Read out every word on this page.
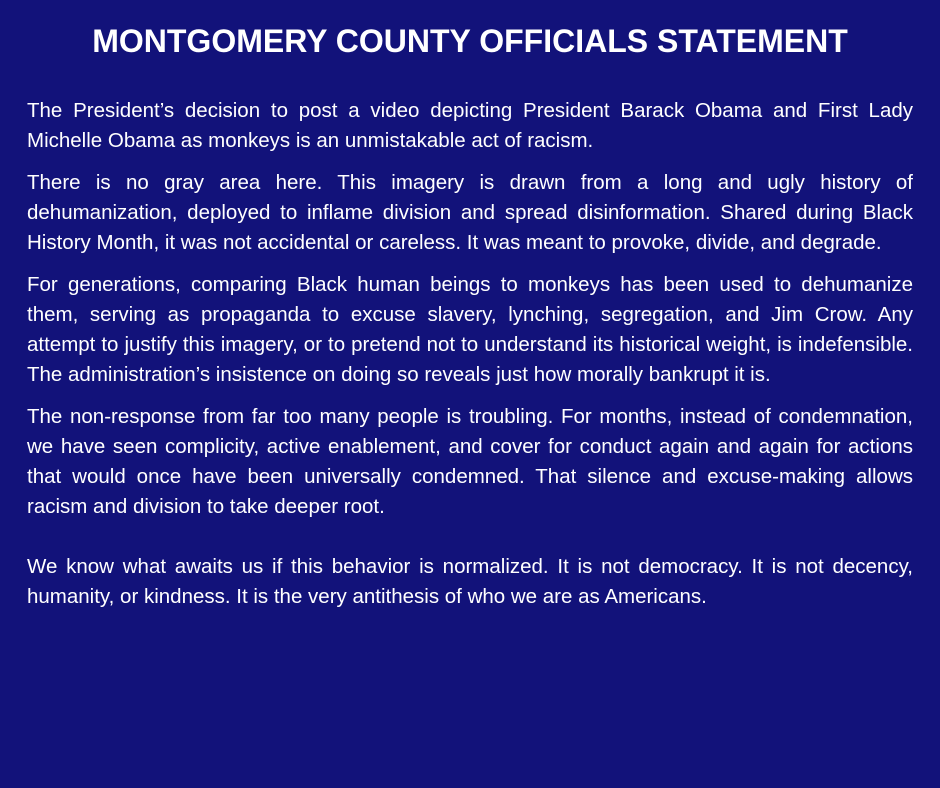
MONTGOMERY COUNTY OFFICIALS STATEMENT

The President’s decision to post a video depicting President Barack Obama and First Lady Michelle Obama as monkeys is an unmistakable act of racism.

There is no gray area here. This imagery is drawn from a long and ugly history of dehumanization, deployed to inflame division and spread disinformation. Shared during Black History Month, it was not accidental or careless. It was meant to provoke, divide, and degrade.

For generations, comparing Black human beings to monkeys has been used to dehumanize them, serving as propaganda to excuse slavery, lynching, segregation, and Jim Crow. Any attempt to justify this imagery, or to pretend not to understand its historical weight, is indefensible. The administration’s insistence on doing so reveals just how morally bankrupt it is.

The non-response from far too many people is troubling. For months, instead of condemnation, we have seen complicity, active enablement, and cover for conduct again and again for actions that would once have been universally condemned. That silence and excuse-making allows racism and division to take deeper root.

We know what awaits us if this behavior is normalized. It is not democracy. It is not decency, humanity, or kindness. It is the very antithesis of who we are as Americans.
